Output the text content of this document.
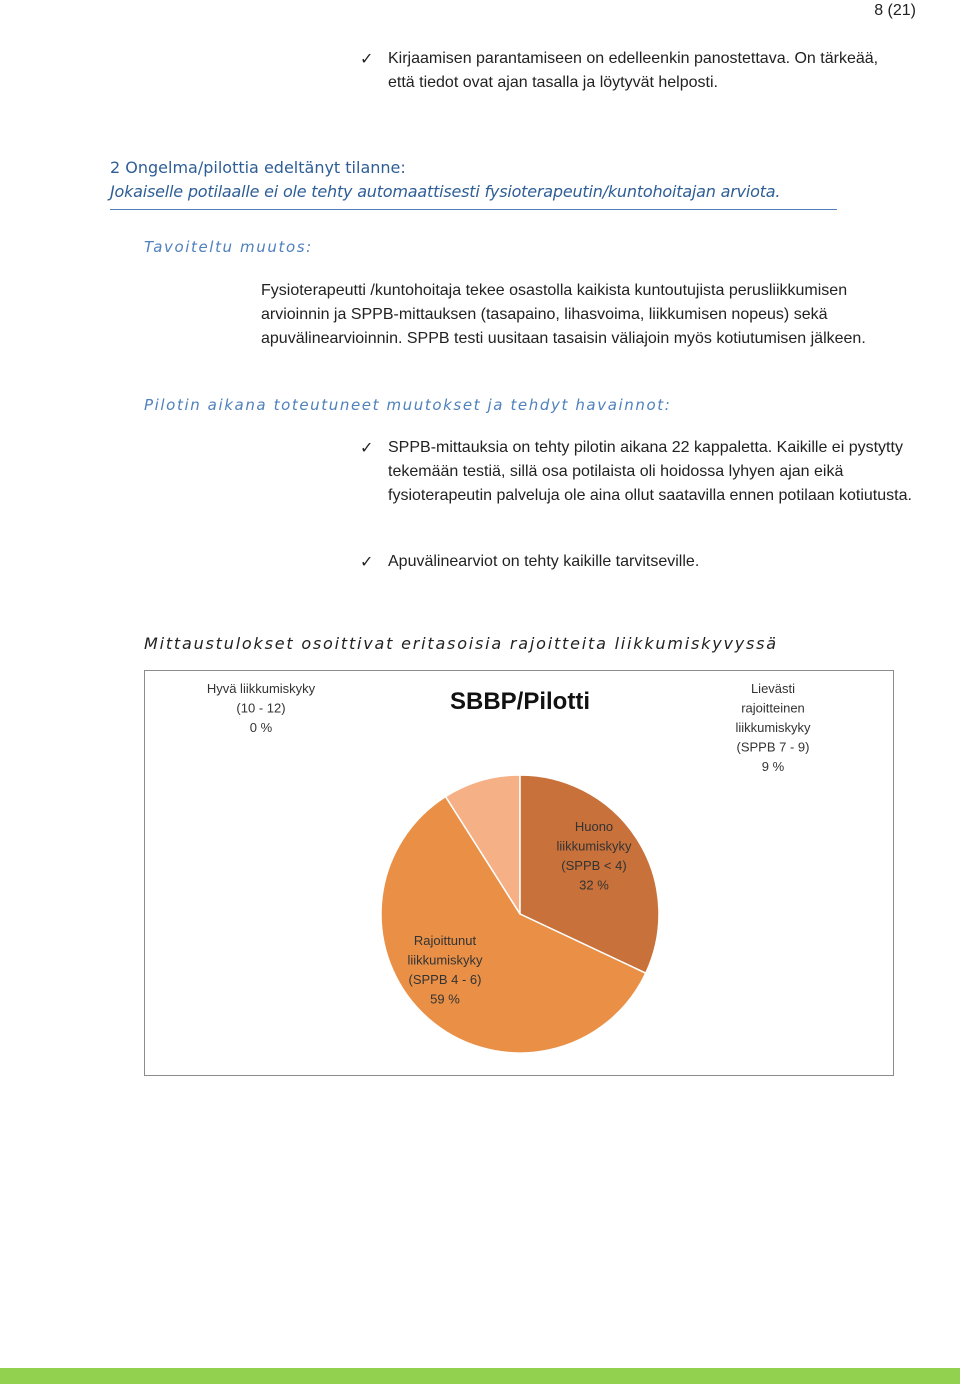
8 (21)
✓ Kirjaamisen parantamiseen on edelleenkin panostettava. On tärkeää, että tiedot ovat ajan tasalla ja löytyvät helposti.
2 Ongelma/pilottia edeltänyt tilanne:
Jokaiselle potilaalle ei ole tehty automaattisesti fysioterapeutin/kuntohoitajan arviota.
Tavoiteltu muutos:
Fysioterapeutti /kuntohoitaja tekee osastolla kaikista kuntoutujista perusliikkumisen arvioinnin ja SPPB-mittauksen (tasapaino, lihasvoima, liikkumisen nopeus) sekä apuvälinearvioinnin. SPPB testi uusitaan tasaisin väliajoin myös kotiutumisen jälkeen.
Pilotin aikana toteutuneet muutokset ja tehdyt havainnot:
✓ SPPB-mittauksia on tehty pilotin aikana 22 kappaletta. Kaikille ei pystytty tekemään testiä, sillä osa potilaista oli hoidossa lyhyen ajan eikä fysioterapeutin palveluja ole aina ollut saatavilla ennen potilaan kotiutusta.
✓ Apuvälinearviot on tehty kaikille tarvitseville.
Mittaustulokset osoittivat eritasoisia rajoitteita liikkumiskyvyssä
SBBP/Pilotti
Hyvä liikkumiskyky (10 - 12) 0 %
Lievästi rajoitteinen liikkumiskyky (SPPB 7 - 9) 9 %
Huono liikkumiskyky (SPPB < 4) 32 %
Rajoittunut liikkumiskyky (SPPB 4 - 6) 59 %
